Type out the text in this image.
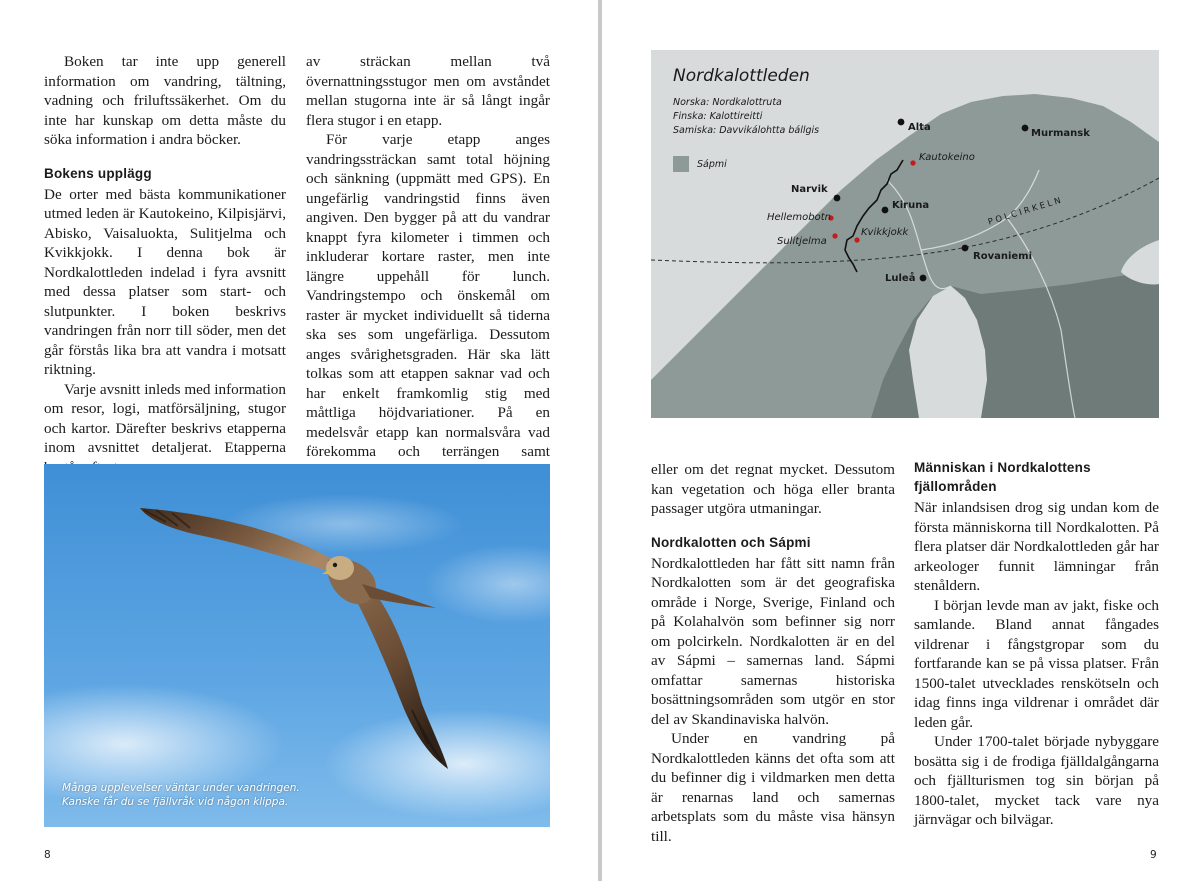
Boken tar inte upp generell information om vandring, tältning, vadning och friluftssäkerhet. Om du inte har kunskap om detta måste du söka information i andra böcker.

Bokens upplägg

De orter med bästa kommunikationer utmed leden är Kautokeino, Kilpisjärvi, Abisko, Vaisaluokta, Sulitjelma och Kvikkjokk. I denna bok är Nordkalottleden indelad i fyra avsnitt med dessa platser som start- och slutpunkter. I boken beskrivs vandringen från norr till söder, men det går förstås lika bra att vandra i motsatt riktning.

Varje avsnitt inleds med information om resor, logi, matförsäljning, stugor och kartor. Därefter beskrivs etapperna inom avsnittet detaljerat. Etapperna

av sträckan mellan två övernattningsstugor men om avståndet mellan stugorna inte är så långt ingår flera stugor i en etapp.

För varje etapp anges vandringssträckan samt total höjning och sänkning (uppmätt med GPS). En ungefärlig vandringstid finns även angiven. Den bygger på att du vandrar knappt fyra kilometer i timmen och inkluderar kortare raster, men inte längre uppehåll för lunch. Vandringstempo och önskemål om raster är mycket individuellt så tiderna ska ses som ungefärliga. Dessutom anges svårighetsgraden. Här ska lätt tolkas som att etappen saknar vad och har enkelt framkomlig stig med måttliga höjdvariationer. På en medelsvår etapp kan normalsvåra vad förekomma och terrängen samt

Många upplevelser väntar under vandringen.
Kanske får du se fjällvråk vid någon klippa.
8
Nordkalottleden
Norska: Nordkalottruta
Finska: Kalottireitti
Samiska: Davvikálohtta bállgis
Sápmi
Alta
Murmansk
Kautokeino
Narvik
Kiruna
Hellemobotn
Kvikkjokk
Sulitjelma
Rovaniemi
Luleå
POLCIRKELN

eller om det regnat mycket. Dessutom kan vegetation och höga eller branta passager utgöra utmaningar.

Nordkalotten och Sápmi

Nordkalottleden har fått sitt namn från Nordkalotten som är det geografiska område i Norge, Sverige, Finland och på Kolahalvön som befinner sig norr om polcirkeln. Nordkalotten är en del av Sápmi – samernas land. Sápmi omfattar samernas historiska bosättningsområden som utgör en stor del av Skandinaviska halvön.

Under en vandring på Nordkalottleden känns det ofta som att du befinner dig i vildmarken men detta är renarnas land och samernas arbetsplats som du måste visa hänsyn till.

Människan i Nordkalottens
fjällområden

När inlandsisen drog sig undan kom de första människorna till Nordkalotten. På flera platser där Nordkalottleden går har arkeologer funnit lämningar från stenåldern.

I början levde man av jakt, fiske och samlande. Bland annat fångades vildrenar i fångstgropar som du fortfarande kan se på vissa platser. Från 1500-talet utvecklades renskötseln och idag finns inga vildrenar i området där leden går.

Under 1700-talet började nybyggare bosätta sig i de frodiga fjälldalgångarna och fjällturismen tog sin början på 1800-talet, mycket tack vare nya järnvägar och bilvägar.

9
